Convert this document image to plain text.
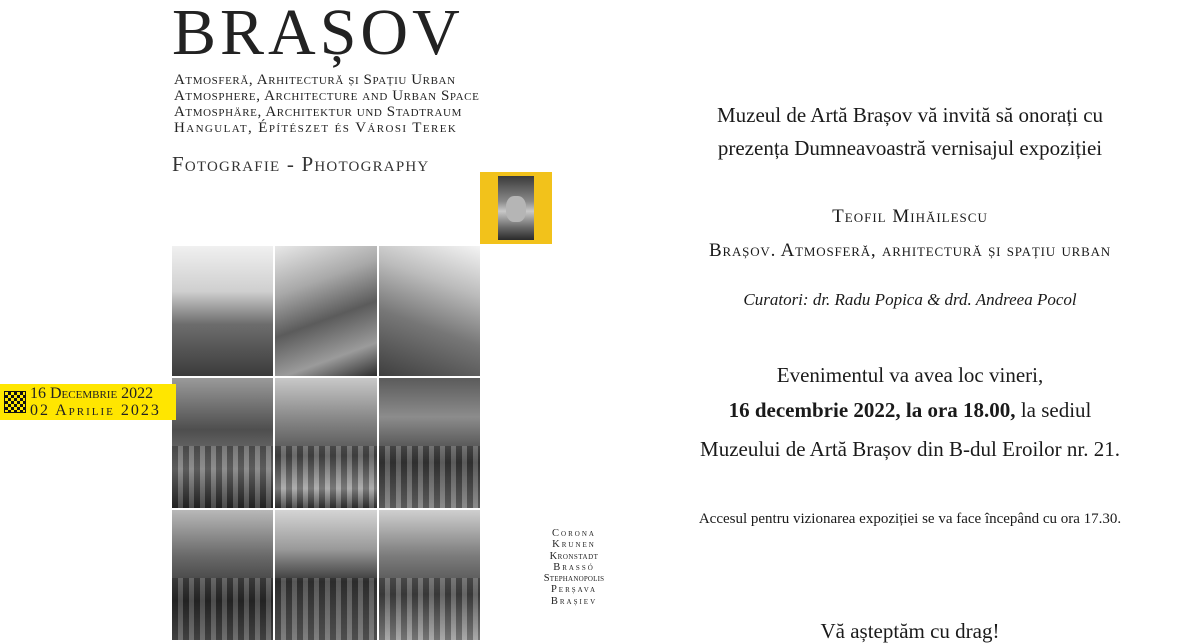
BRAȘOV
Atmosferă, Arhitectură și Spațiu Urban
Atmosphere, Architecture and Urban Space
Atmosphäre, Architektur und Stadtraum
Hangulat, Építészet és Városi Terek
Fotografie - Photography
16 Decembrie 2022
02 Aprilie 2023
Corona
Krunen
Kronstadt
Brassó
Stephanopolis
Perșava
Brașiev
Muzeul de Artă Brașov vă invită să onorați cu
prezența Dumneavoastră vernisajul expoziției
Teofil Mihăilescu
Brașov. Atmosferă, arhitectură și spațiu urban
Curatori: dr. Radu Popica & drd. Andreea Pocol
Evenimentul va avea loc vineri,
16 decembrie 2022, la ora 18.00, la sediul
Muzeului de Artă Brașov din B-dul Eroilor nr. 21.
Accesul pentru vizionarea expoziției se va face începând cu ora 17.30.
Vă așteptăm cu drag!
